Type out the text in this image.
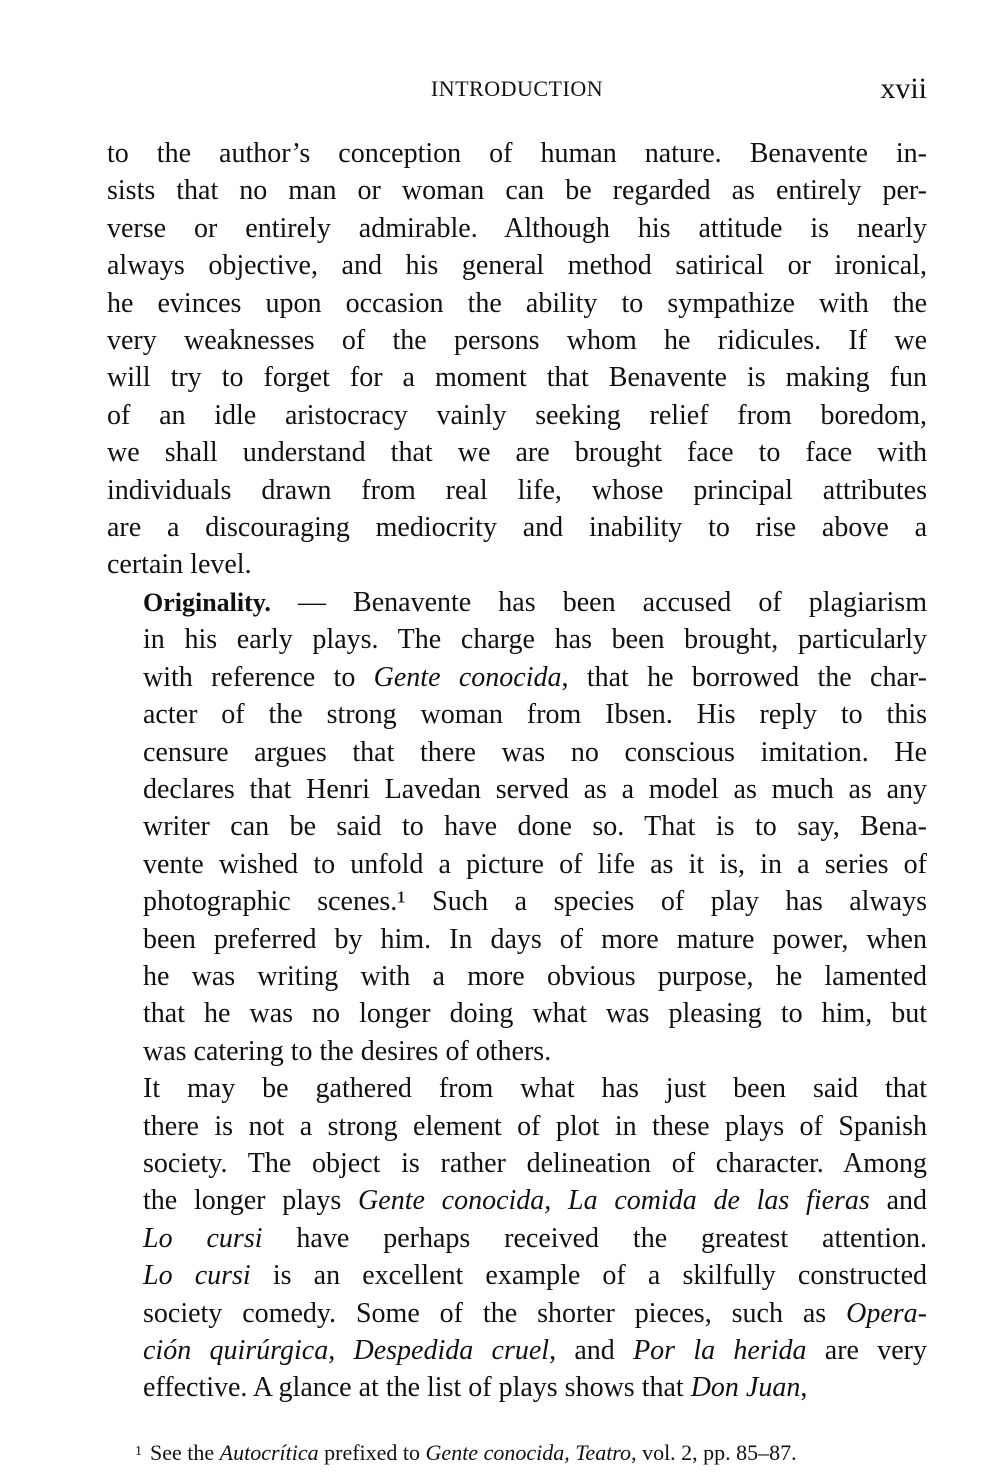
INTRODUCTION	xvii

to the author’s conception of human nature. Benavente in-
sists that no man or woman can be regarded as entirely per-
verse or entirely admirable. Although his attitude is nearly
always objective, and his general method satirical or ironical,
he evinces upon occasion the ability to sympathize with the
very weaknesses of the persons whom he ridicules. If we
will try to forget for a moment that Benavente is making fun
of an idle aristocracy vainly seeking relief from boredom,
we shall understand that we are brought face to face with
individuals drawn from real life, whose principal attributes
are a discouraging mediocrity and inability to rise above a
certain level.

Originality. — Benavente has been accused of plagiarism
in his early plays. The charge has been brought, particularly
with reference to Gente conocida, that he borrowed the char-
acter of the strong woman from Ibsen. His reply to this
censure argues that there was no conscious imitation. He
declares that Henri Lavedan served as a model as much as any
writer can be said to have done so. That is to say, Bena-
vente wished to unfold a picture of life as it is, in a series of
photographic scenes.¹ Such a species of play has always
been preferred by him. In days of more mature power, when
he was writing with a more obvious purpose, he lamented
that he was no longer doing what was pleasing to him, but
was catering to the desires of others.

It may be gathered from what has just been said that
there is not a strong element of plot in these plays of Spanish
society. The object is rather delineation of character. Among
the longer plays Gente conocida, La comida de las fieras and
Lo cursi have perhaps received the greatest attention.
Lo cursi is an excellent example of a skilfully constructed
society comedy. Some of the shorter pieces, such as Opera-
ción quirúrgica, Despedida cruel, and Por la herida are very
effective. A glance at the list of plays shows that Don Juan,

$^1$ See the Autocrítica prefixed to Gente conocida, Teatro, vol. 2, pp. 85–87.
